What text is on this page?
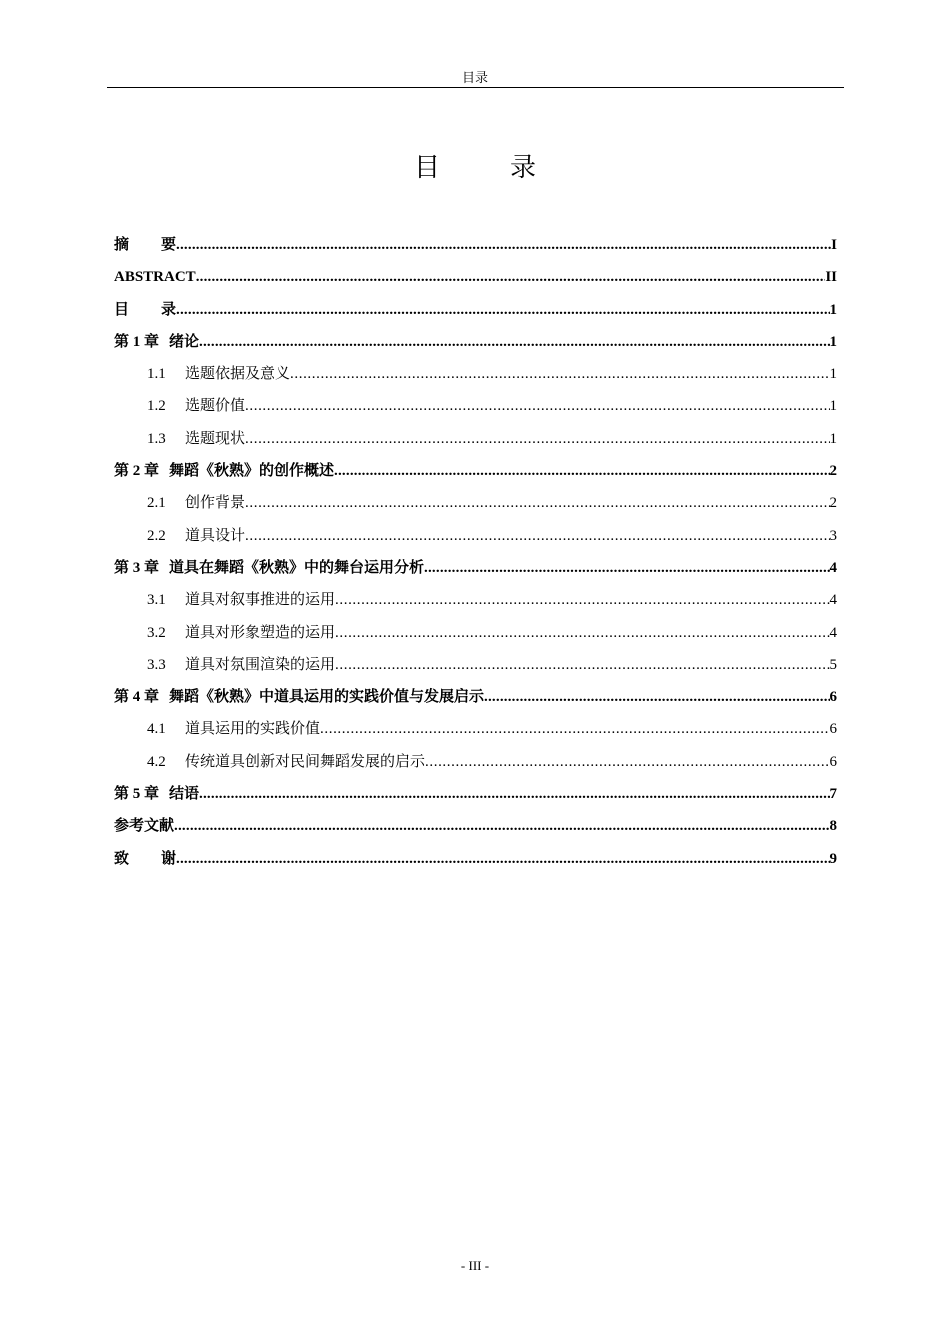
目录
目　录
摘要 .....	I
ABSTRACT .....	II
目录 .....	1
第 1 章 绪论 .....	1
1.1	选题依据及意义 .....	1
1.2	选题价值 .....	1
1.3	选题现状 .....	1
第 2 章 舞蹈《秋熟》的创作概述 .....	2
2.1	创作背景 .....	2
2.2	道具设计 .....	3
第 3 章 道具在舞蹈《秋熟》中的舞台运用分析 .....	4
3.1	道具对叙事推进的运用 .....	4
3.2	道具对形象塑造的运用 .....	4
3.3	道具对氛围渲染的运用 .....	5
第 4 章 舞蹈《秋熟》中道具运用的实践价值与发展启示 .....	6
4.1	道具运用的实践价值 .....	6
4.2	传统道具创新对民间舞蹈发展的启示 .....	6
第 5 章 结语 .....	7
参考文献 .....	8
致谢 .....	9
- III -
